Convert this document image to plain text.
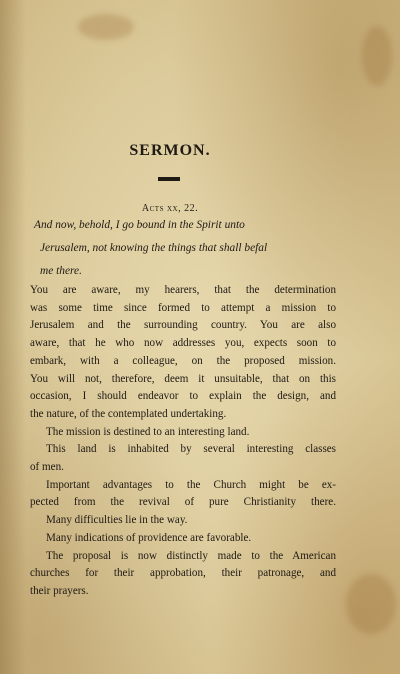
SERMON.
Acts xx, 22.
And now, behold, I go bound in the Spirit unto
Jerusalem, not knowing the things that shall befal
me there.
You are aware, my hearers, that the determination
was some time since formed to attempt a mission to
Jerusalem and the surrounding country. You are also
aware, that he who now addresses you, expects soon to
embark, with a colleague, on the proposed mission.
You will not, therefore, deem it unsuitable, that on this
occasion, I should endeavor to explain the design, and
the nature, of the contemplated undertaking.
The mission is destined to an interesting land.
This land is inhabited by several interesting classes
of men.
Important advantages to the Church might be ex-
pected from the revival of pure Christianity there.
Many difficulties lie in the way.
Many indications of providence are favorable.
The proposal is now distinctly made to the American
churches for their approbation, their patronage, and
their prayers.
